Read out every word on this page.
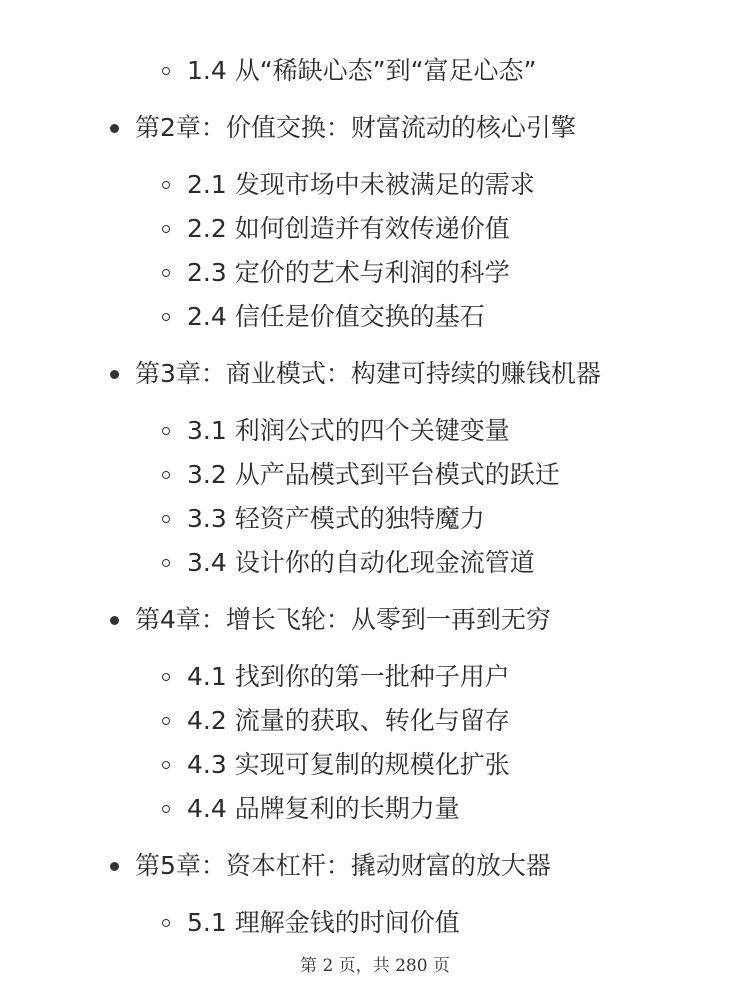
1.4 从“稀缺心态”到“富足心态”
第2章：价值交换：财富流动的核心引擎
2.1 发现市场中未被满足的需求
2.2 如何创造并有效传递价值
2.3 定价的艺术与利润的科学
2.4 信任是价值交换的基石
第3章：商业模式：构建可持续的赚钱机器
3.1 利润公式的四个关键变量
3.2 从产品模式到平台模式的跃迁
3.3 轻资产模式的独特魔力
3.4 设计你的自动化现金流管道
第4章：增长飞轮：从零到一再到无穷
4.1 找到你的第一批种子用户
4.2 流量的获取、转化与留存
4.3 实现可复制的规模化扩张
4.4 品牌复利的长期力量
第5章：资本杠杆：撬动财富的放大器
5.1 理解金钱的时间价值
第 2 页，共 280 页
